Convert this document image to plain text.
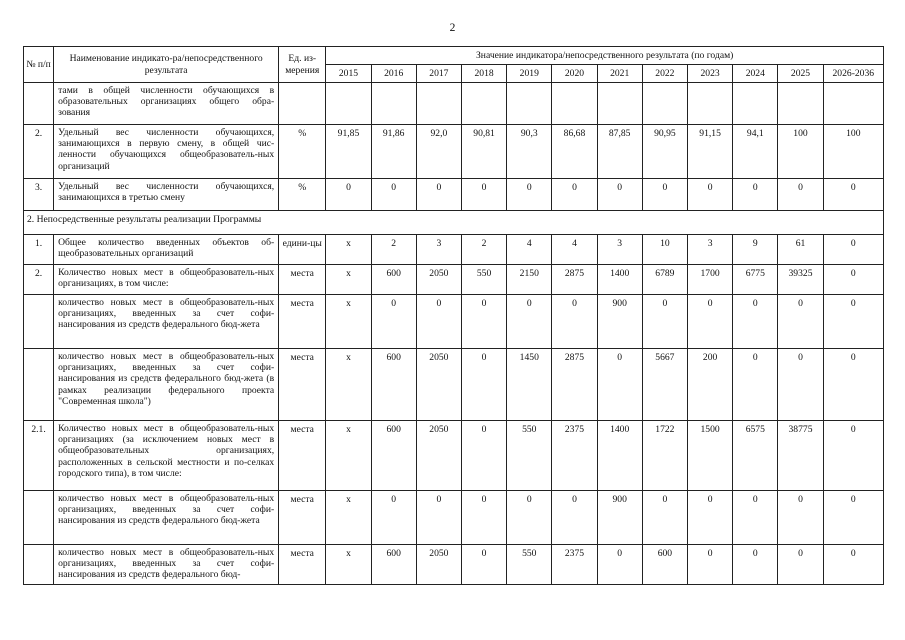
2
№ п/п	Наименование индикато-ра/непосредственного результата	Ед. из-мерения	Значение индикатора/непосредственного результата (по годам)											
			2015	2016	2017	2018	2019	2020	2021	2022	2023	2024	2025	2026-2036
	тами в общей численности обучающихся в образовательных организациях общего обра-зования													
2.	Удельный вес численности обучающихся, занимающихся в первую смену, в общей чис-ленности обучающихся общеобразователь-ных организаций	%	91,85	91,86	92,0	90,81	90,3	86,68	87,85	90,95	91,15	94,1	100	100
3.	Удельный вес численности обучающихся, занимающихся в третью смену	%	0	0	0	0	0	0	0	0	0	0	0	0
2. Непосредственные результаты реализации Программы														
1.	Общее количество введенных объектов об-щеобразовательных организаций	едини-цы	х	2	3	2	4	4	3	10	3	9	61	0
2.	Количество новых мест в общеобразователь-ных организациях, в том числе:	места	х	600	2050	550	2150	2875	1400	6789	1700	6775	39325	0
	количество новых мест в общеобразователь-ных организациях, введенных за счет софи-нансирования из средств федерального бюд-жета	места	х	0	0	0	0	0	900	0	0	0	0	0
	количество новых мест в общеобразователь-ных организациях, введенных за счет софи-нансирования из средств федерального бюд-жета (в рамках реализации федерального проекта "Современная школа")	места	х	600	2050	0	1450	2875	0	5667	200	0	0	0
2.1.	Количество новых мест в общеобразователь-ных организациях (за исключением новых мест в общеобразовательных организациях, расположенных в сельской местности и по-селках городского типа), в том числе:	места	х	600	2050	0	550	2375	1400	1722	1500	6575	38775	0
	количество новых мест в общеобразователь-ных организациях, введенных за счет софи-нансирования из средств федерального бюд-жета	места	х	0	0	0	0	0	900	0	0	0	0	0
	количество новых мест в общеобразователь-ных организациях, введенных за счет софи-нансирования из средств федерального бюд-	места	х	600	2050	0	550	2375	0	600	0	0	0	0
